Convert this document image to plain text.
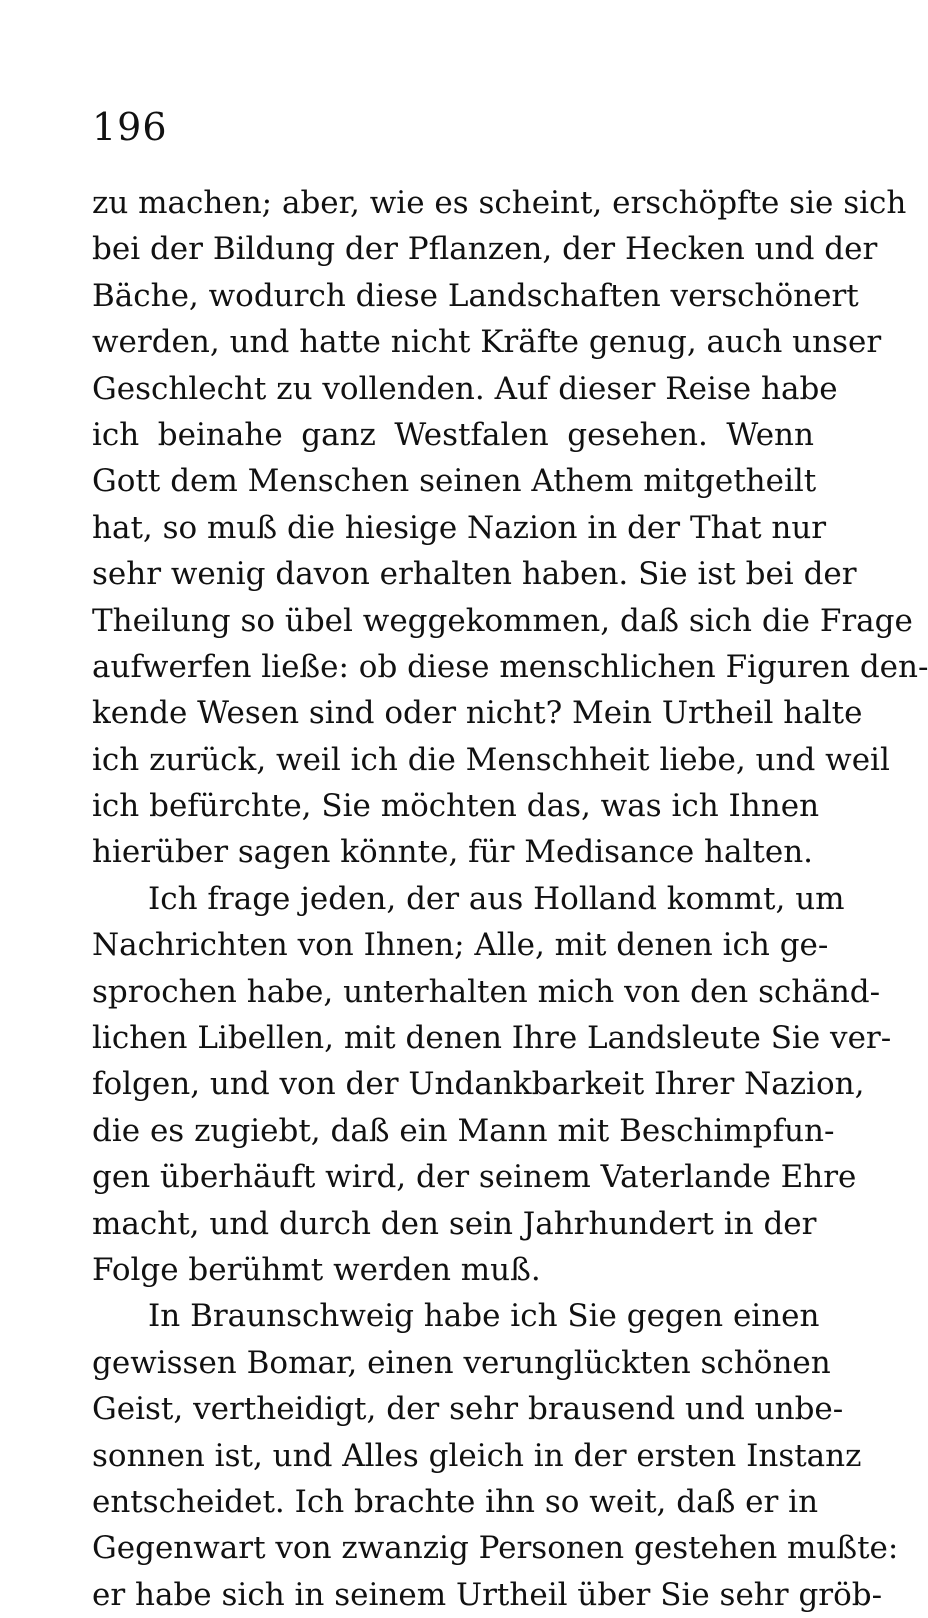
196
zu machen; aber, wie es scheint, erschöpfte sie sich
bei der Bildung der Pflanzen, der Hecken und der
Bäche, wodurch diese Landschaften verschönert
werden, und hatte nicht Kräfte genug, auch unser
Geschlecht zu vollenden. Auf dieser Reise habe
ich beinahe ganz Westfalen gesehen. Wenn
Gott dem Menschen seinen Athem mitgetheilt
hat, so muß die hiesige Nazion in der That nur
sehr wenig davon erhalten haben. Sie ist bei der
Theilung so übel weggekommen, daß sich die Frage
aufwerfen ließe: ob diese menschlichen Figuren den-
kende Wesen sind oder nicht? Mein Urtheil halte
ich zurück, weil ich die Menschheit liebe, und weil
ich befürchte, Sie möchten das, was ich Ihnen
hierüber sagen könnte, für Medisance halten.
Ich frage jeden, der aus Holland kommt, um
Nachrichten von Ihnen; Alle, mit denen ich ge-
sprochen habe, unterhalten mich von den schänd-
lichen Libellen, mit denen Ihre Landsleute Sie ver-
folgen, und von der Undankbarkeit Ihrer Nazion,
die es zugiebt, daß ein Mann mit Beschimpfun-
gen überhäuft wird, der seinem Vaterlande Ehre
macht, und durch den sein Jahrhundert in der
Folge berühmt werden muß.
In Braunschweig habe ich Sie gegen einen
gewissen Bomar, einen verunglückten schönen
Geist, vertheidigt, der sehr brausend und unbe-
sonnen ist, und Alles gleich in der ersten Instanz
entscheidet. Ich brachte ihn so weit, daß er in
Gegenwart von zwanzig Personen gestehen mußte:
er habe sich in seinem Urtheil über Sie sehr gröb-
